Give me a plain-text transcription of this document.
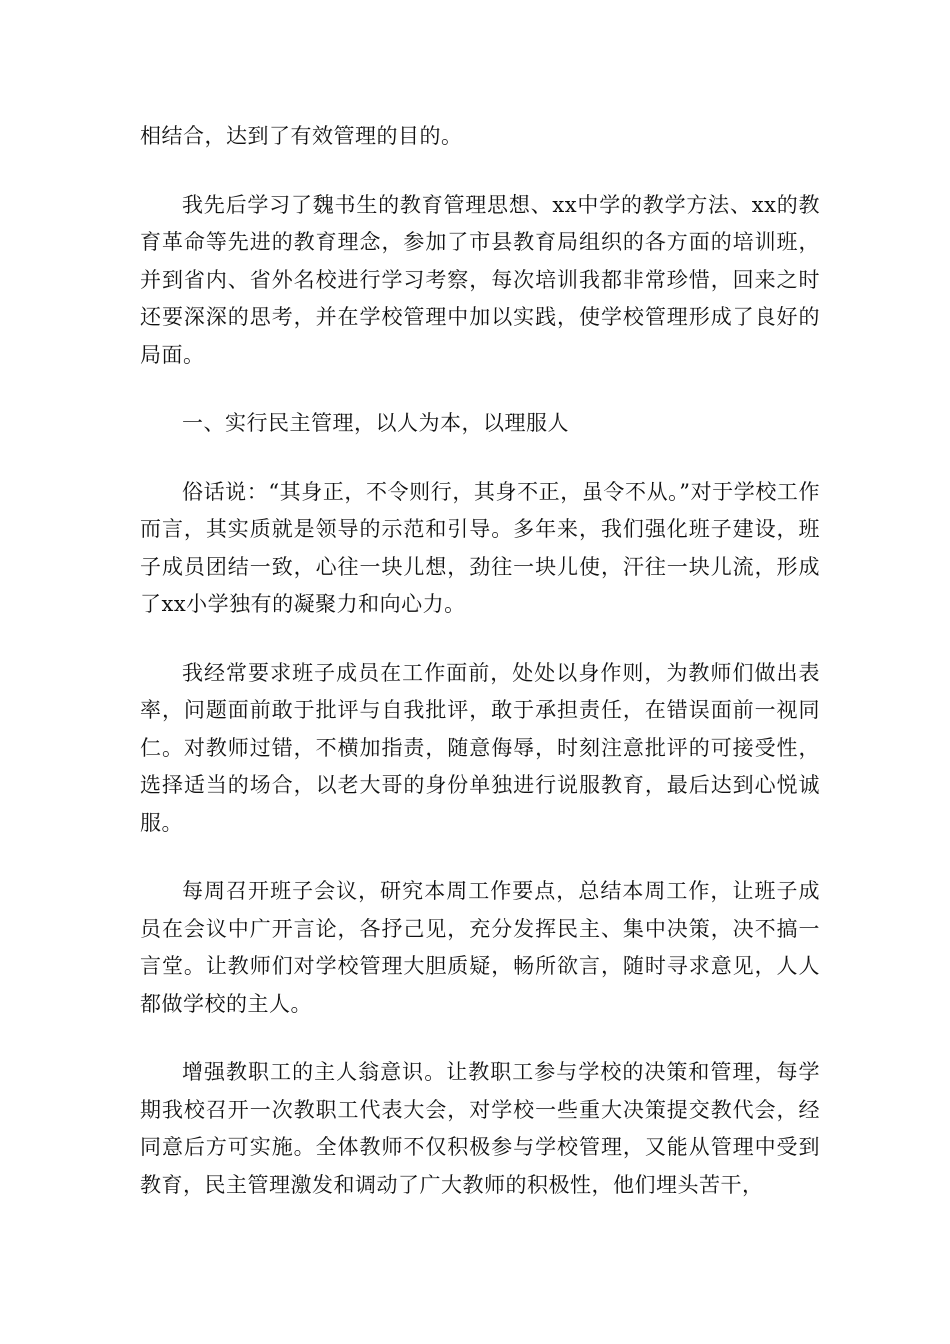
相结合，达到了有效管理的目的。

我先后学习了魏书生的教育管理思想、xx中学的教学方法、xx的教育革命等先进的教育理念，参加了市县教育局组织的各方面的培训班，并到省内、省外名校进行学习考察，每次培训我都非常珍惜，回来之时还要深深的思考，并在学校管理中加以实践，使学校管理形成了良好的局面。

一、实行民主管理，以人为本，以理服人

俗话说：“其身正，不令则行，其身不正，虽令不从。”对于学校工作而言，其实质就是领导的示范和引导。多年来，我们强化班子建设，班子成员团结一致，心往一块儿想，劲往一块儿使，汗往一块儿流，形成了xx小学独有的凝聚力和向心力。

我经常要求班子成员在工作面前，处处以身作则，为教师们做出表率，问题面前敢于批评与自我批评，敢于承担责任，在错误面前一视同仁。对教师过错，不横加指责，随意侮辱，时刻注意批评的可接受性，选择适当的场合，以老大哥的身份单独进行说服教育，最后达到心悦诚服。

每周召开班子会议，研究本周工作要点，总结本周工作，让班子成员在会议中广开言论，各抒己见，充分发挥民主、集中决策，决不搞一言堂。让教师们对学校管理大胆质疑，畅所欲言，随时寻求意见，人人都做学校的主人。

增强教职工的主人翁意识。让教职工参与学校的决策和管理，每学期我校召开一次教职工代表大会，对学校一些重大决策提交教代会，经同意后方可实施。全体教师不仅积极参与学校管理，又能从管理中受到教育，民主管理激发和调动了广大教师的积极性，他们埋头苦干，
